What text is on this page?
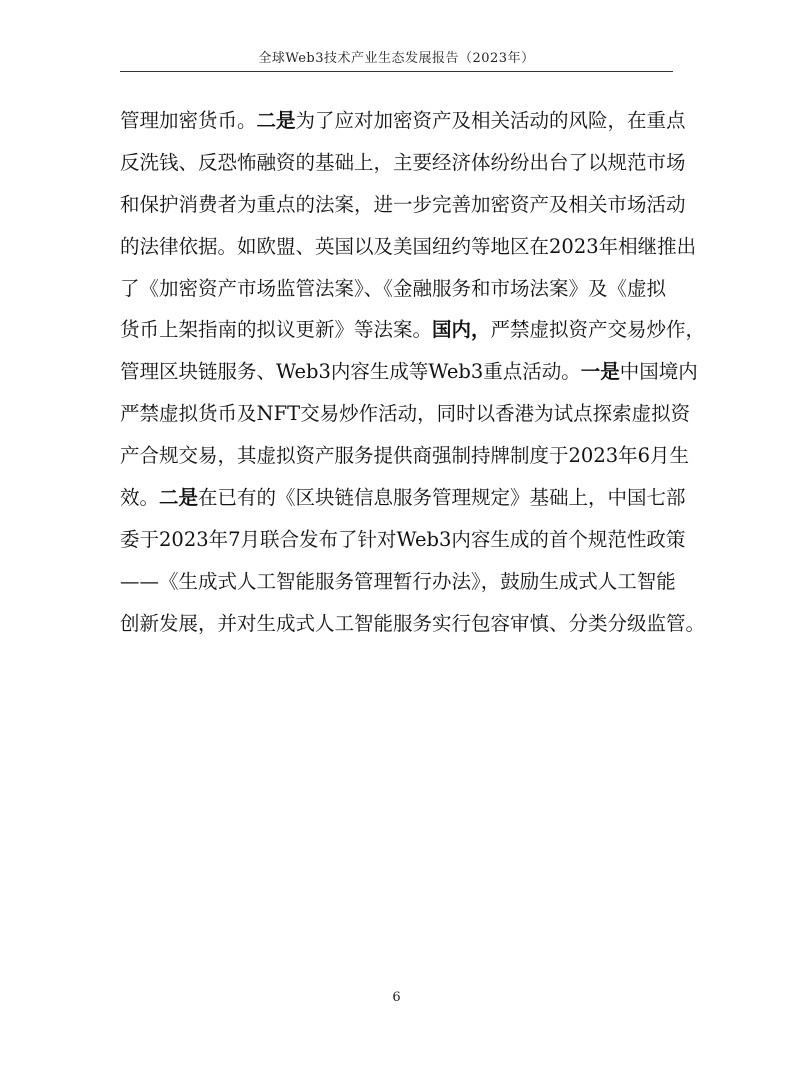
全球Web3技术产业生态发展报告（2023年）
管理加密货币。二是为了应对加密资产及相关活动的风险，在重点
反洗钱、反恐怖融资的基础上，主要经济体纷纷出台了以规范市场
和保护消费者为重点的法案，进一步完善加密资产及相关市场活动
的法律依据。如欧盟、英国以及美国纽约等地区在2023年相继推出
了《加密资产市场监管法案》、《金融服务和市场法案》及《虚拟
货币上架指南的拟议更新》等法案。国内，严禁虚拟资产交易炒作，
管理区块链服务、Web3内容生成等Web3重点活动。一是中国境内
严禁虚拟货币及NFT交易炒作活动，同时以香港为试点探索虚拟资
产合规交易，其虚拟资产服务提供商强制持牌制度于2023年6月生
效。二是在已有的《区块链信息服务管理规定》基础上，中国七部
委于2023年7月联合发布了针对Web3内容生成的首个规范性政策
——《生成式人工智能服务管理暂行办法》，鼓励生成式人工智能
创新发展，并对生成式人工智能服务实行包容审慎、分类分级监管。
6
